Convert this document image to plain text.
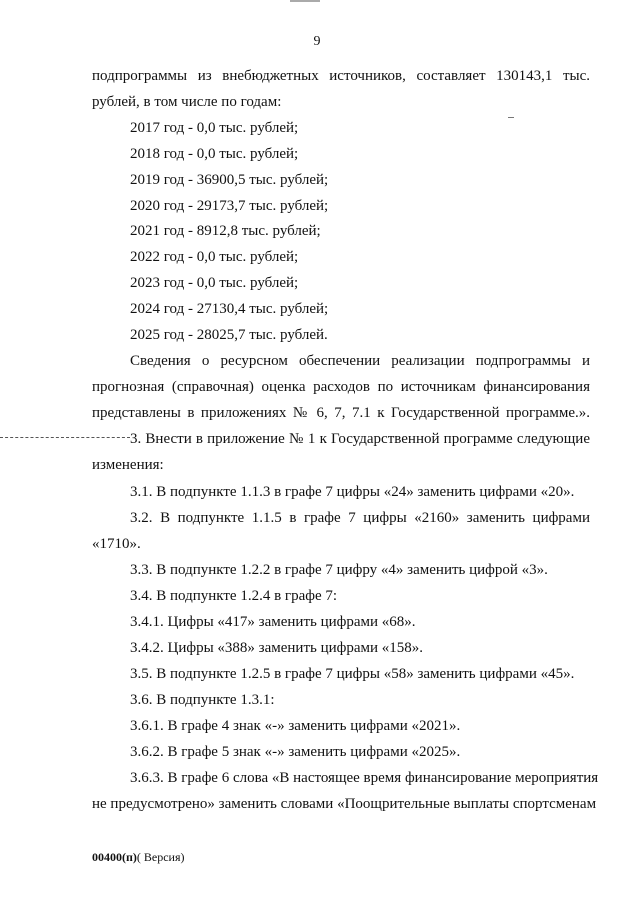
9
подпрограммы из внебюджетных источников, составляет 130143,1 тыс.
рублей, в том числе по годам:
2017 год - 0,0 тыс. рублей;
2018 год - 0,0 тыс. рублей;
2019 год - 36900,5 тыс. рублей;
2020 год - 29173,7 тыс. рублей;
2021 год - 8912,8 тыс. рублей;
2022 год - 0,0 тыс. рублей;
2023 год - 0,0 тыс. рублей;
2024 год - 27130,4 тыс. рублей;
2025 год - 28025,7 тыс. рублей.
Сведения о ресурсном обеспечении реализации подпрограммы и
прогнозная (справочная) оценка расходов по источникам финансирования
представлены в приложениях № 6, 7, 7.1 к Государственной программе.».
3. Внести в приложение № 1 к Государственной программе следующие
изменения:
3.1. В подпункте 1.1.3 в графе 7 цифры «24» заменить цифрами «20».
3.2. В подпункте 1.1.5 в графе 7 цифры «2160» заменить цифрами
«1710».
3.3. В подпункте 1.2.2 в графе 7 цифру «4» заменить цифрой «3».
3.4. В подпункте 1.2.4 в графе 7:
3.4.1. Цифры «417» заменить цифрами «68».
3.4.2. Цифры «388» заменить цифрами «158».
3.5. В подпункте 1.2.5 в графе 7 цифры «58» заменить цифрами «45».
3.6. В подпункте 1.3.1:
3.6.1. В графе 4 знак «-» заменить цифрами «2021».
3.6.2. В графе 5 знак «-» заменить цифрами «2025».
3.6.3. В графе 6 слова «В настоящее время финансирование мероприятия
не предусмотрено» заменить словами «Поощрительные выплаты спортсменам
00400(п)( Версия)
